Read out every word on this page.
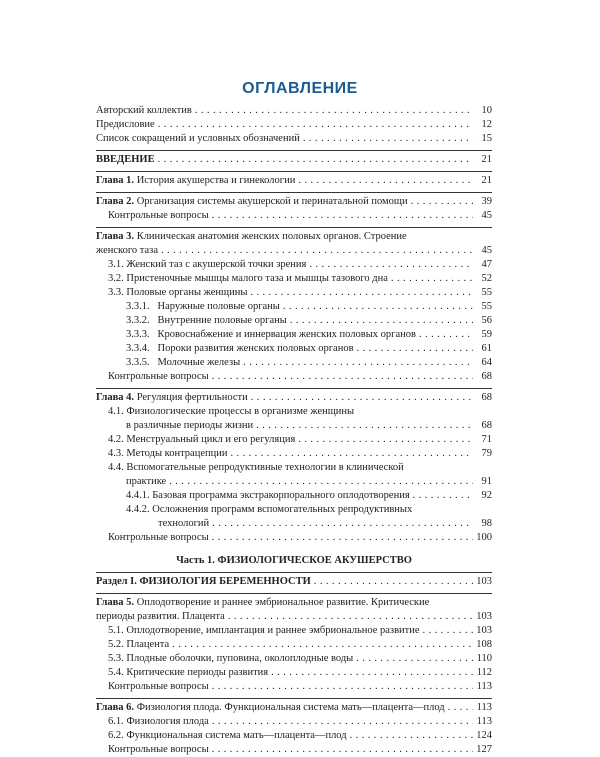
ОГЛАВЛЕНИЕ
Авторский коллектив . . .	10
Предисловие . . .	12
Список сокращений и условных обозначений . . .	15
ВВЕДЕНИЕ . . .	21
Глава 1. История акушерства и гинекологии . . .	21
Глава 2. Организация системы акушерской и перинатальной помощи . . .	39
Контрольные вопросы . . .	45
Глава 3. Клиническая анатомия женских половых органов. Строение
женского таза . . .	45
3.1. Женский таз с акушерской точки зрения . . .	47
3.2. Пристеночные мышцы малого таза и мышцы тазового дна . . .	52
3.3. Половые органы женщины . . .	55
3.3.1.   Наружные половые органы . . .	55
3.3.2.   Внутренние половые органы . . .	56
3.3.3.   Кровоснабжение и иннервация женских половых органов . . .	59
3.3.4.   Пороки развития женских половых органов . . .	61
3.3.5.   Молочные железы . . .	64
Контрольные вопросы . . .	68
Глава 4. Регуляция фертильности . . .	68
4.1. Физиологические процессы в организме женщины
в различные периоды жизни . . .	68
4.2. Менструальный цикл и его регуляция . . .	71
4.3. Методы контрацепции . . .	79
4.4. Вспомогательные репродуктивные технологии в клинической
практике . . .	91
4.4.1. Базовая программа экстракорпорального оплодотворения . . .	92
4.4.2. Осложнения программ вспомогательных репродуктивных
технологий . . .	98
Контрольные вопросы . . .	100
Часть 1. ФИЗИОЛОГИЧЕСКОЕ АКУШЕРСТВО
Раздел I. ФИЗИОЛОГИЯ БЕРЕМЕННОСТИ . . .	103
Глава 5. Оплодотворение и раннее эмбриональное развитие. Критические
периоды развития. Плацента . . .	103
5.1. Оплодотворение, имплантация и раннее эмбриональное развитие . . .	103
5.2. Плацента . . .	108
5.3. Плодные оболочки, пуповина, околоплодные воды . . .	110
5.4. Критические периоды развития . . .	112
Контрольные вопросы . . .	113
Глава 6. Физиология плода. Функциональная система мать—плацента—плод . . .	113
6.1. Физиология плода . . .	113
6.2. Функциональная система мать—плацента—плод . . .	124
Контрольные вопросы . . .	127
